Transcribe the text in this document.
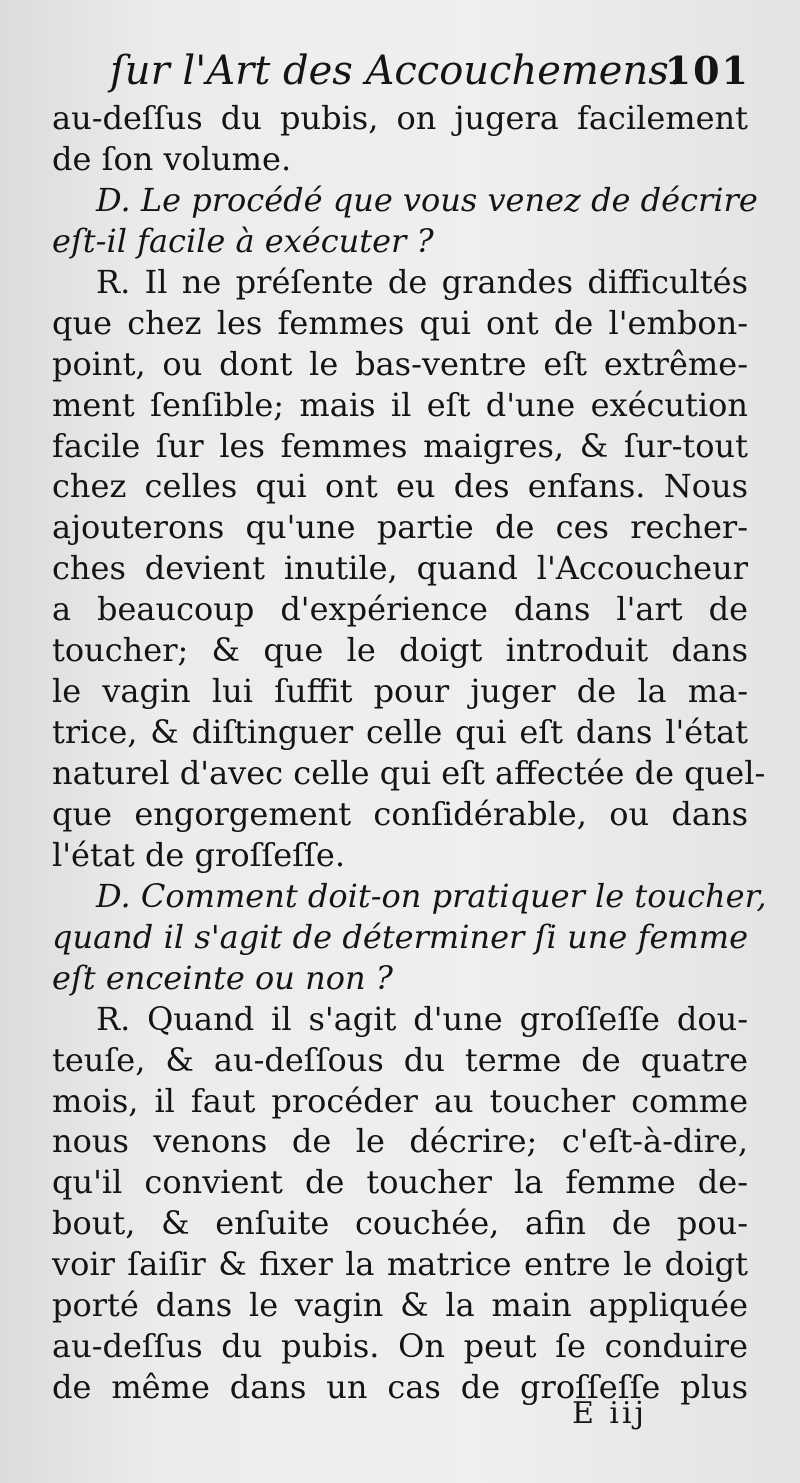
ſur l'Art des Accouchemens.
101
au-deſſus du pubis, on jugera facilement
de ſon volume.
D. Le procédé que vous venez de décrire
eſt-il facile à exécuter ?
R. Il ne préſente de grandes difficultés
que chez les femmes qui ont de l'embon-
point, ou dont le bas-ventre eſt extrême-
ment ſenſible; mais il eſt d'une exécution
facile ſur les femmes maigres, & ſur-tout
chez celles qui ont eu des enfans. Nous
ajouterons qu'une partie de ces recher-
ches devient inutile, quand l'Accoucheur
a beaucoup d'expérience dans l'art de
toucher; & que le doigt introduit dans
le vagin lui ſuffit pour juger de la ma-
trice, & diſtinguer celle qui eſt dans l'état
naturel d'avec celle qui eſt affectée de quel-
que engorgement conſidérable, ou dans
l'état de groſſeſſe.
D. Comment doit-on pratiquer le toucher,
quand il s'agit de déterminer ſi une femme
eſt enceinte ou non ?
R. Quand il s'agit d'une groſſeſſe dou-
teuſe, & au-deſſous du terme de quatre
mois, il faut procéder au toucher comme
nous venons de le décrire; c'eſt-à-dire,
qu'il convient de toucher la femme de-
bout, & enſuite couchée, afin de pou-
voir ſaiſir & fixer la matrice entre le doigt
porté dans le vagin & la main appliquée
au-deſſus du pubis. On peut ſe conduire
de même dans un cas de groſſeſſe plus
E iij
